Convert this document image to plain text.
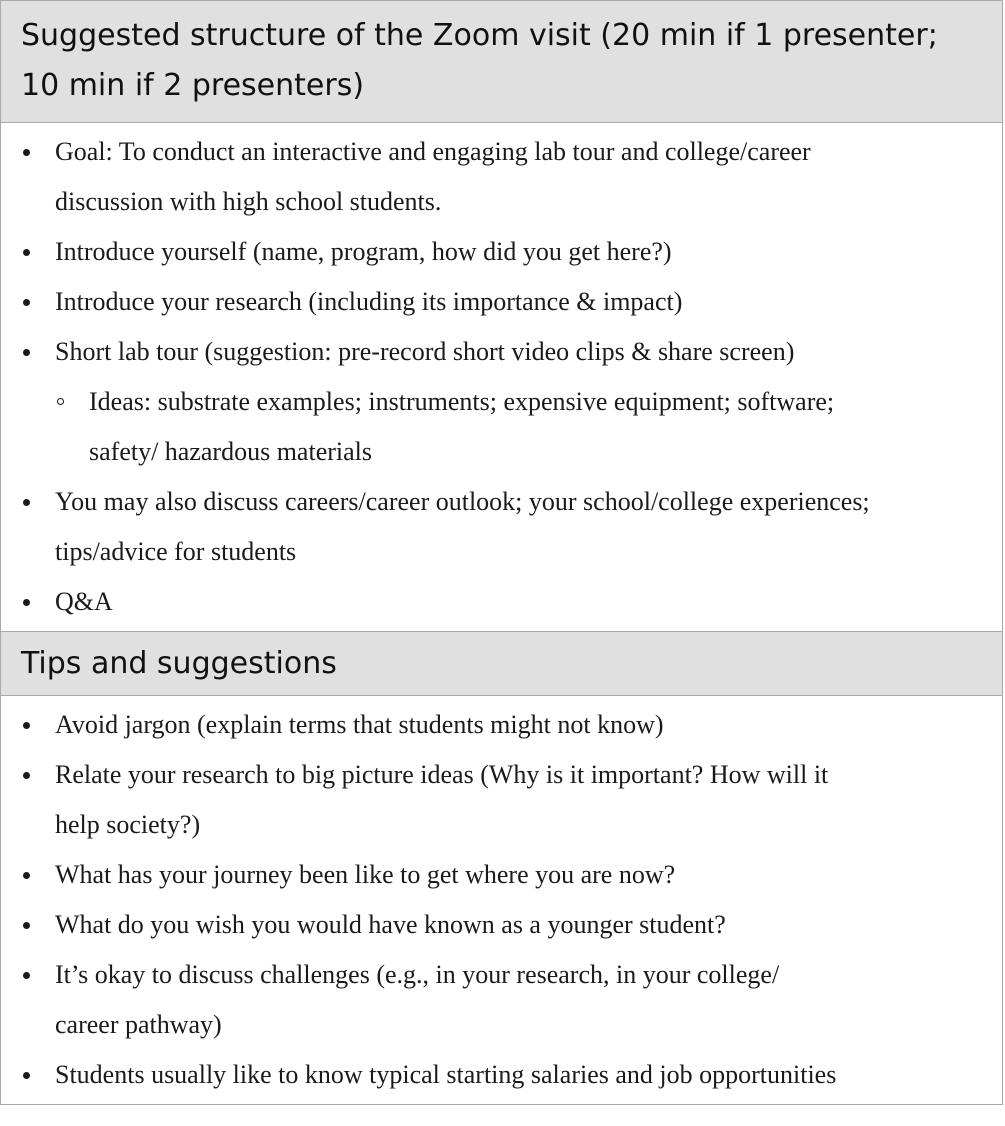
Suggested structure of the Zoom visit (20 min if 1 presenter; 10 min if 2 presenters)
Goal: To conduct an interactive and engaging lab tour and college/career discussion with high school students.
Introduce yourself (name, program, how did you get here?)
Introduce your research (including its importance & impact)
Short lab tour (suggestion: pre-record short video clips & share screen)
Ideas: substrate examples; instruments; expensive equipment; software; safety/ hazardous materials
You may also discuss careers/career outlook; your school/college experiences; tips/advice for students
Q&A
Tips and suggestions
Avoid jargon (explain terms that students might not know)
Relate your research to big picture ideas (Why is it important? How will it help society?)
What has your journey been like to get where you are now?
What do you wish you would have known as a younger student?
It’s okay to discuss challenges (e.g., in your research, in your college/ career pathway)
Students usually like to know typical starting salaries and job opportunities
